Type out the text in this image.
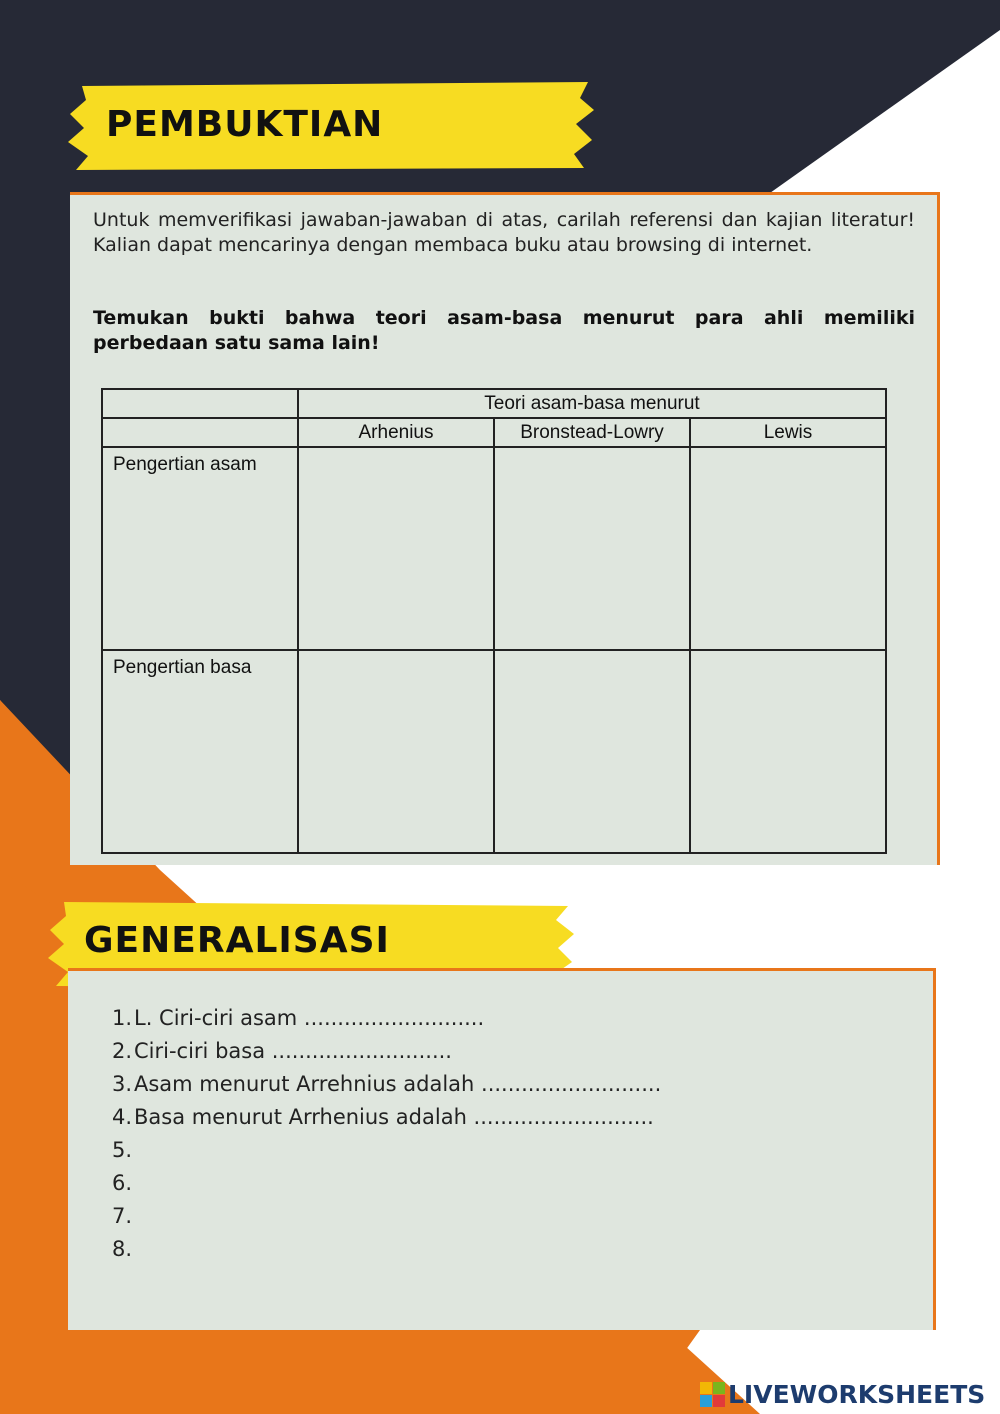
PEMBUKTIAN
Untuk memverifikasi jawaban-jawaban di atas, carilah referensi dan kajian literatur! Kalian dapat mencarinya dengan membaca buku atau browsing di internet.
Temukan bukti bahwa teori asam-basa menurut para ahli memiliki perbedaan satu sama lain!
	Teori asam-basa menurut		
	Arhenius	Bronstead-Lowry	Lewis
Pengertian asam			
Pengertian basa			
GENERALISASI
1.L. Ciri-ciri asam ...........................
2.Ciri-ciri basa ...........................
3.Asam menurut Arrehnius adalah ...........................
4.Basa menurut Arrhenius adalah ...........................
5.
6.
7.
8.
LIVEWORKSHEETS
